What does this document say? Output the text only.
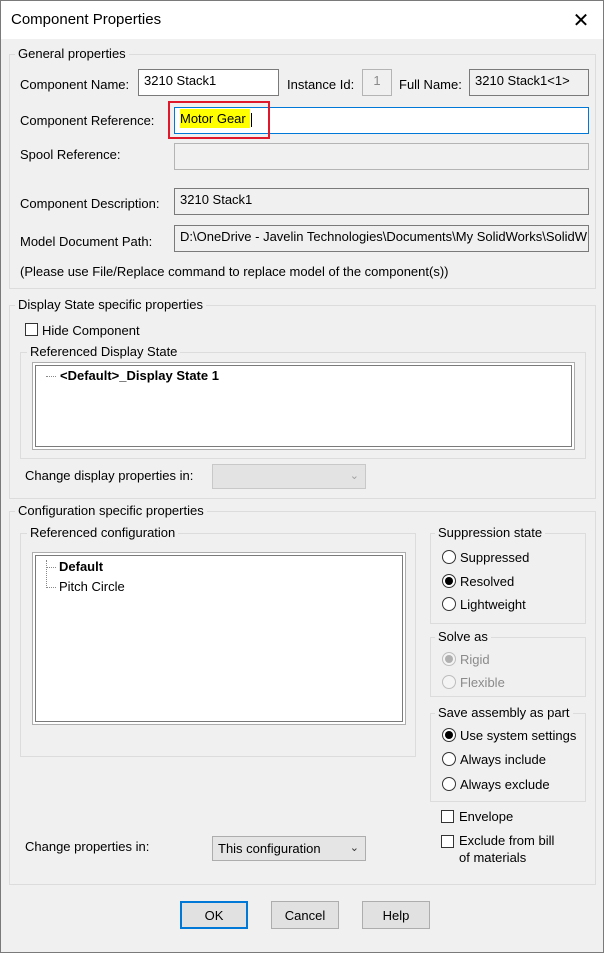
Component Properties	✕
General properties
Component Name:	3210 Stack1	Instance Id:	1	Full Name:	3210 Stack1<1>
Component Reference:	Motor Gear
Spool Reference:
Component Description:	3210 Stack1
Model Document Path:	D:\OneDrive - Javelin Technologies\Documents\My SolidWorks\SolidW
(Please use File/Replace command to replace model of the component(s))
Display State specific properties
Hide Component
Referenced Display State
<Default>_Display State 1
Change display properties in:	⌄
Configuration specific properties
Referenced configuration
Default
Pitch Circle
Suppression state
Suppressed
Resolved
Lightweight
Solve as
Rigid
Flexible
Save assembly as part
Use system settings
Always include
Always exclude
Envelope
Exclude from bill
of materials
Change properties in:	This configuration	⌄
OK	Cancel	Help
